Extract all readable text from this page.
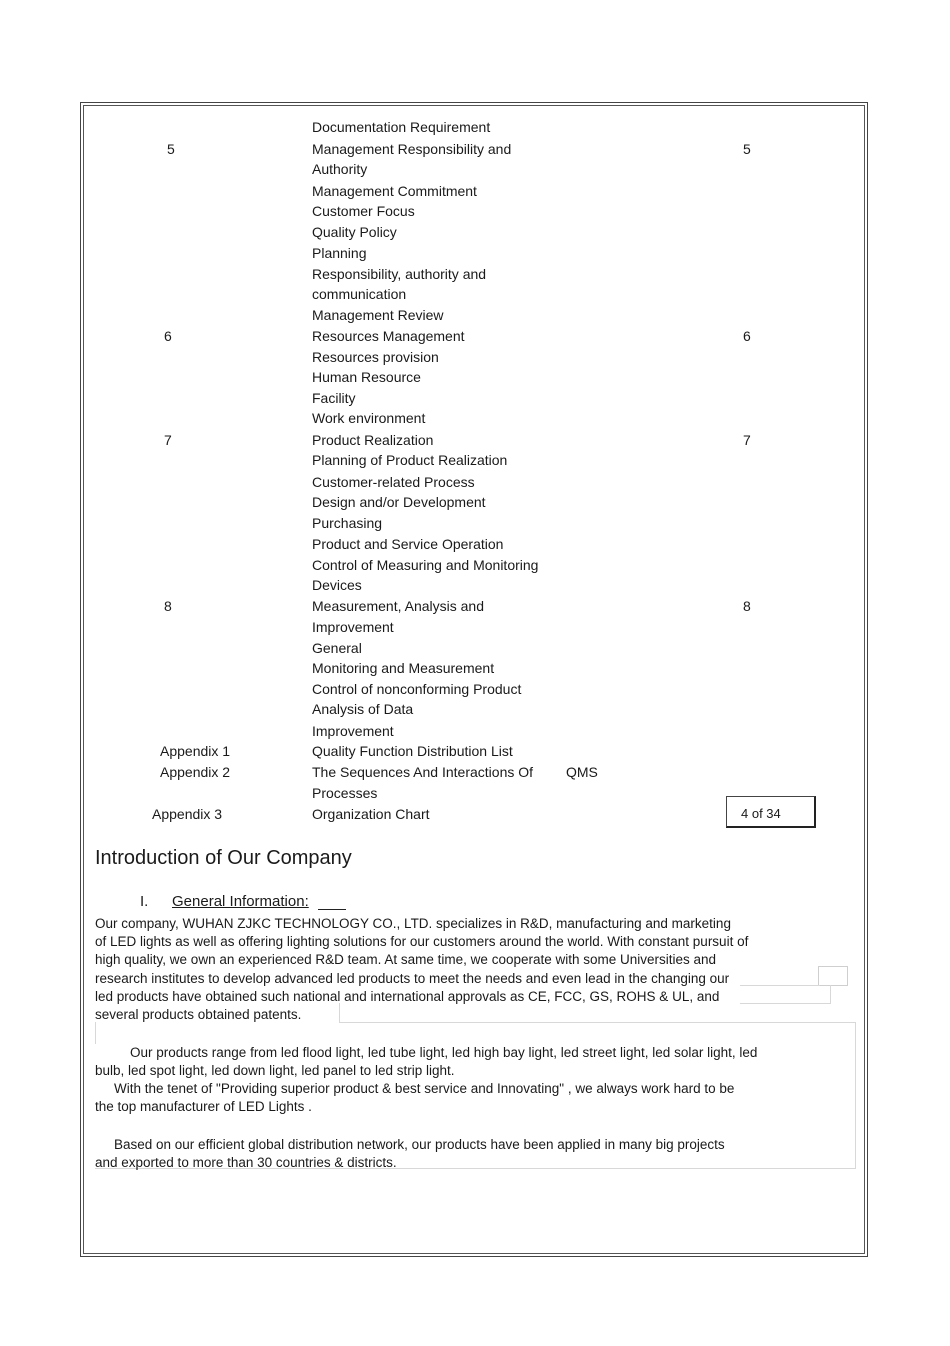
Documentation Requirement
5	Management Responsibility and	5
Authority
Management Commitment
Customer Focus
Quality Policy
Planning
Responsibility, authority and
communication
Management Review
6	Resources Management	6
Resources provision
Human Resource
Facility
Work environment
7	Product Realization	7
Planning of Product Realization
Customer-related Process
Design and/or Development
Purchasing
Product and Service Operation
Control of Measuring and Monitoring
Devices
8	Measurement, Analysis and	8
Improvement
General
Monitoring and Measurement
Control of nonconforming Product
Analysis of Data
Improvement
Appendix 1	Quality Function Distribution List
Appendix 2	The Sequences And Interactions Of QMS
Processes
Appendix 3	Organization Chart	4 of 34
Introduction of Our Company
I. General Information:
Our company, WUHAN ZJKC TECHNOLOGY CO., LTD. specializes in R&D, manufacturing and marketing
of LED lights as well as offering lighting solutions for our customers around the world. With constant pursuit of
high quality, we own an experienced R&D team. At same time, we cooperate with some Universities and
research institutes to develop advanced led products to meet the needs and even lead in the changing our
led products have obtained such national and international approvals as CE, FCC, GS, ROHS & UL, and
several products obtained patents.
Our products range from led flood light, led tube light, led high bay light, led street light, led solar light, led
bulb, led spot light, led down light, led panel to led strip light.
With the tenet of "Providing superior product & best service and Innovating" , we always work hard to be
the top manufacturer of LED Lights .
Based on our efficient global distribution network, our products have been applied in many big projects
and exported to more than 30 countries & districts.
